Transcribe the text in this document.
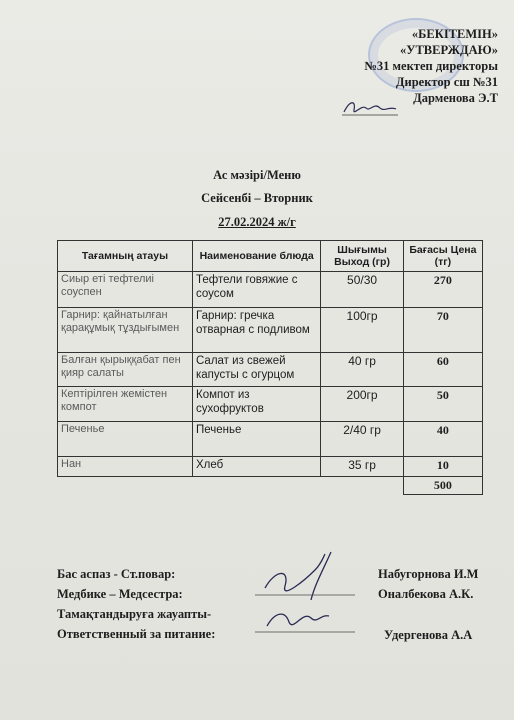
«БЕКІТЕМІН»
«УТВЕРЖДАЮ»
№31 мектеп директоры
Директор сш №31
Дарменова Э.Т
Ас мәзірі/Меню
Сейсенбі – Вторник
27.02.2024 ж/г
Тағамның атауы	Наименование блюда	Шығымы Выход (гр)	Бағасы Цена (тг)
Сиыр еті тефтелиі соуспен	Тефтели говяжие с соусом	50/30	270
Гарнир: қайнатылған қарақұмық тұздығымен	Гарнир: гречка отварная с подливом	100гр	70
Балған қырыққабат пен қияр салаты	Салат из свежей капусты с огурцом	40 гр	60
Кептірілген жемістен компот	Компот из сухофруктов	200гр	50
Печенье	Печенье	2/40 гр	40
Нан	Хлеб	35 гр	10
			500
Бас аспаз - Ст.повар:
Медбике – Медсестра:
Тамақтандыруға жауапты-
Ответственный за питание:
Набугорнова И.М
Оналбекова А.К.
Удергенова А.А
